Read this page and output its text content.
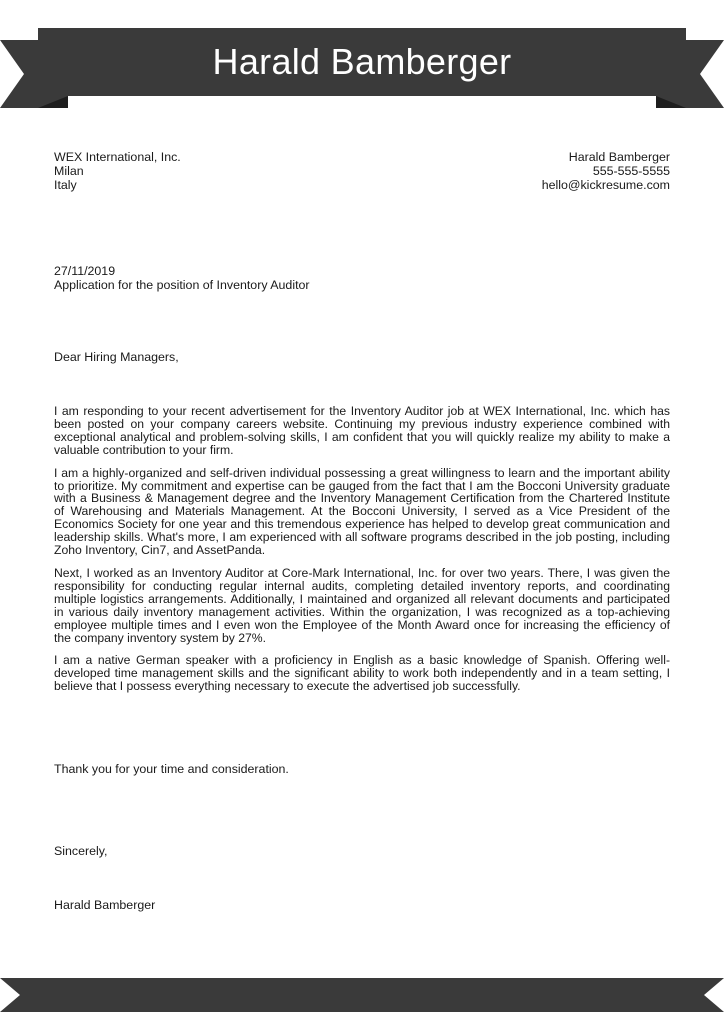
Harald Bamberger
WEX International, Inc.
Milan
Italy
Harald Bamberger
555-555-5555
hello@kickresume.com
27/11/2019
Application for the position of Inventory Auditor
Dear Hiring Managers,

I am responding to your recent advertisement for the Inventory Auditor job at WEX International, Inc. which has been posted on your company careers website. Continuing my previous industry experience combined with exceptional analytical and problem-solving skills, I am confident that you will quickly realize my ability to make a valuable contribution to your firm.

I am a highly-organized and self-driven individual possessing a great willingness to learn and the important ability to prioritize. My commitment and expertise can be gauged from the fact that I am the Bocconi University graduate with a Business & Management degree and the Inventory Management Certification from the Chartered Institute of Warehousing and Materials Management. At the Bocconi University, I served as a Vice President of the Economics Society for one year and this tremendous experience has helped to develop great communication and leadership skills. What's more, I am experienced with all software programs described in the job posting, including Zoho Inventory, Cin7, and AssetPanda.

Next, I worked as an Inventory Auditor at Core-Mark International, Inc. for over two years. There, I was given the responsibility for conducting regular internal audits, completing detailed inventory reports, and coordinating multiple logistics arrangements. Additionally, I maintained and organized all relevant documents and participated in various daily inventory management activities. Within the organization, I was recognized as a top-achieving employee multiple times and I even won the Employee of the Month Award once for increasing the efficiency of the company inventory system by 27%.

I am a native German speaker with a proficiency in English as a basic knowledge of Spanish. Offering well-developed time management skills and the significant ability to work both independently and in a team setting, I believe that I possess everything necessary to execute the advertised job successfully.

Thank you for your time and consideration.
Sincerely,
Harald Bamberger
